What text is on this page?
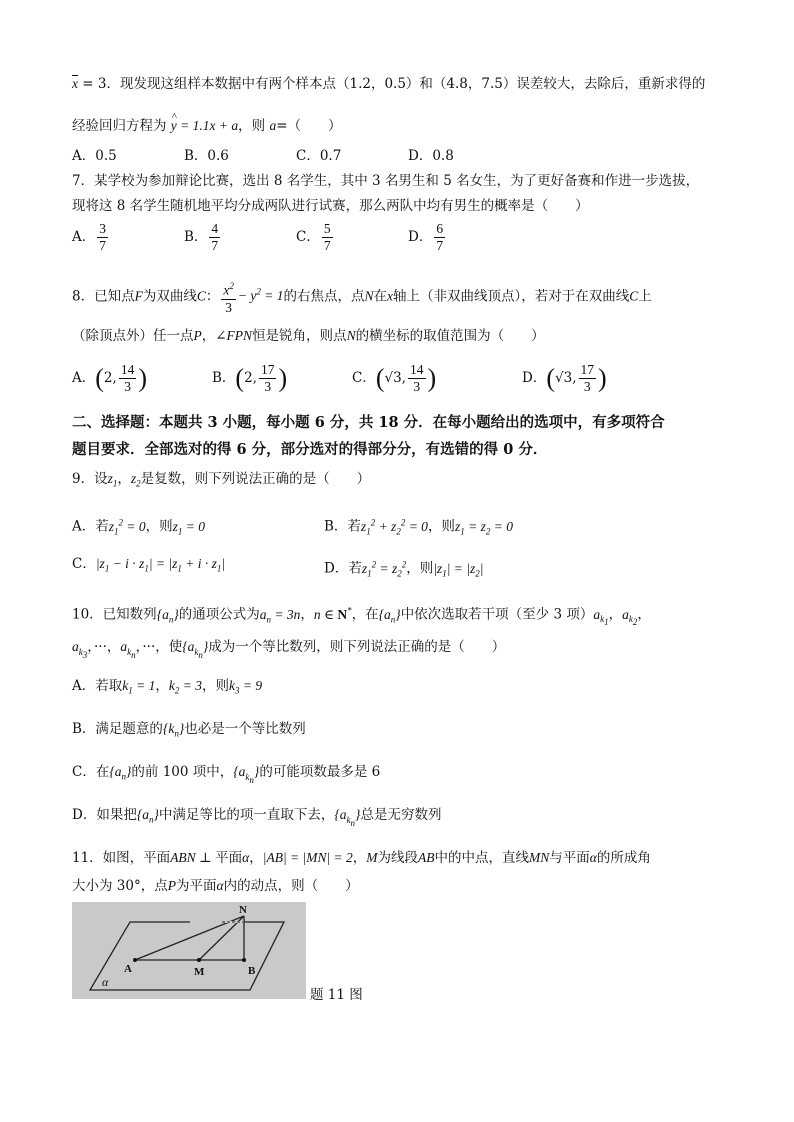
$\overline{x} = 3$．现发现这组样本数据中有两个样本点（1.2，0.5）和（4.8，7.5）误差较大，去除后，重新求得的
经验回归方程为 ^ y = 1.1x + a，则 a=（　　）
A．0.5	B．0.6	C．0.7	D．0.8
7．某学校为参加辩论比赛，选出 8 名学生，其中 3 名男生和 5 名女生，为了更好备赛和作进一步选拔，
现将这 8 名学生随机地平均分成两队进行试赛，那么两队中均有男生的概率是（　　）
A． $\frac{3}{7}$	B． $\frac{4}{7}$	C． $\frac{5}{7}$	D． $\frac{6}{7}$
8．已知点F为双曲线C： $\frac{x^2}{3} - y^2 = 1$的右焦点，点N在x轴上（非双曲线顶点），若对于在双曲线C上
（除顶点外）任一点P，∠FPN恒是锐角，则点N的横坐标的取值范围为（　　）
A．(2, $\frac{14}{3}$ )	B．(2, $\frac{17}{3}$ )	C．(√3, $\frac{14}{3}$ )	D．(√3, $\frac{17}{3}$ )
二、选择题：本题共 3 小题，每小题 6 分，共 18 分．在每小题给出的选项中，有多项符合
题目要求．全部选对的得 6 分，部分选对的得部分分，有选错的得 0 分．
9．设$z_1$，$z_2$是复数，则下列说法正确的是（　　）
A．若$z_1^2 = 0$，则$z_1 = 0$	B．若$z_1^2 + z_2^2 = 0$，则$z_1 = z_2 = 0$
C．$|z_1 - i \cdot z_1| = |z_1 + i \cdot z_1|$	D．若$z_1^2 = z_2^2$，则$|z_1| = |z_2|$
10．已知数列$\{a_n\}$的通项公式为$a_n = 3n$，n ∈ N*，在$\{a_n\}$中依次选取若干项（至少 3 项）$a_{k_1}$，$a_{k_2}$，
$a_{k_3}$，···，$a_{k_n}$，···，使$\{a_{k_n}\}$成为一个等比数列，则下列说法正确的是（　　）
A．若取$k_1 = 1$，$k_2 = 3$，则$k_3 = 9$
B．满足题意的$\{k_n\}$也必是一个等比数列
C．在$\{a_n\}$的前 100 项中，$\{a_{k_n}\}$的可能项数最多是 6
D．如果把$\{a_n\}$中满足等比的项一直取下去，$\{a_{k_n}\}$总是无穷数列
11．如图，平面ABN ⊥ 平面α，|AB| = |MN| = 2，M为线段AB中的中点，直线MN与平面α的所成角
大小为 30°，点P为平面α内的动点，则（　　）
N
A	M	B
α
题 11 图
